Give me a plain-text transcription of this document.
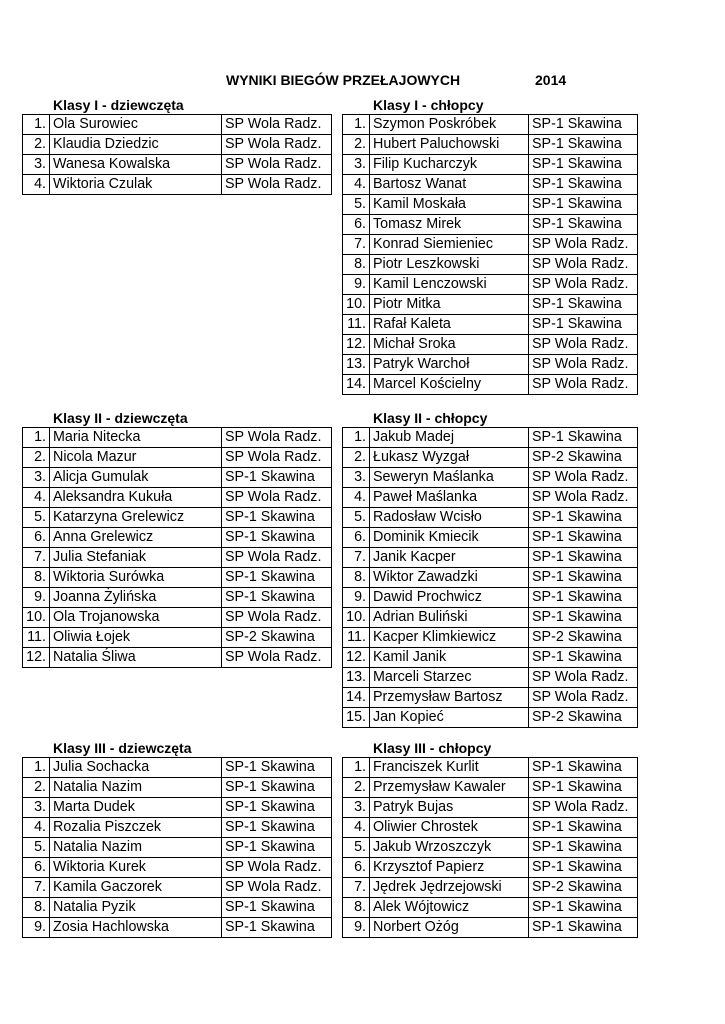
WYNIKI BIEGÓW PRZEŁAJOWYCH	2014
Klasy I - dziewczęta	Klasy I - chłopcy
1.	Ola Surowiec	SP Wola Radz.
2.	Klaudia Dziedzic	SP Wola Radz.
3.	Wanesa Kowalska	SP Wola Radz.
4.	Wiktoria Czulak	SP Wola Radz.
1.	Szymon Poskróbek	SP-1 Skawina
2.	Hubert Paluchowski	SP-1 Skawina
3.	Filip Kucharczyk	SP-1 Skawina
4.	Bartosz Wanat	SP-1 Skawina
5.	Kamil Moskała	SP-1 Skawina
6.	Tomasz Mirek	SP-1 Skawina
7.	Konrad Siemieniec	SP Wola Radz.
8.	Piotr Leszkowski	SP Wola Radz.
9.	Kamil Lenczowski	SP Wola Radz.
10.	Piotr Mitka	SP-1 Skawina
11.	Rafał Kaleta	SP-1 Skawina
12.	Michał Sroka	SP Wola Radz.
13.	Patryk Warchoł	SP Wola Radz.
14.	Marcel Kościelny	SP Wola Radz.
Klasy II - dziewczęta	Klasy II - chłopcy
1.	Maria Nitecka	SP Wola Radz.
2.	Nicola Mazur	SP Wola Radz.
3.	Alicja Gumulak	SP-1 Skawina
4.	Aleksandra Kukuła	SP Wola Radz.
5.	Katarzyna Grelewicz	SP-1 Skawina
6.	Anna Grelewicz	SP-1 Skawina
7.	Julia Stefaniak	SP Wola Radz.
8.	Wiktoria Surówka	SP-1 Skawina
9.	Joanna Żylińska	SP-1 Skawina
10.	Ola Trojanowska	SP Wola Radz.
11.	Oliwia Łojek	SP-2 Skawina
12.	Natalia Śliwa	SP Wola Radz.
1.	Jakub Madej	SP-1 Skawina
2.	Łukasz Wyzgał	SP-2 Skawina
3.	Seweryn Maślanka	SP Wola Radz.
4.	Paweł Maślanka	SP Wola Radz.
5.	Radosław Wcisło	SP-1 Skawina
6.	Dominik Kmiecik	SP-1 Skawina
7.	Janik Kacper	SP-1 Skawina
8.	Wiktor Zawadzki	SP-1 Skawina
9.	Dawid Prochwicz	SP-1 Skawina
10.	Adrian Buliński	SP-1 Skawina
11.	Kacper Klimkiewicz	SP-2 Skawina
12.	Kamil Janik	SP-1 Skawina
13.	Marceli Starzec	SP Wola Radz.
14.	Przemysław Bartosz	SP Wola Radz.
15.	Jan Kopieć	SP-2 Skawina
Klasy III - dziewczęta	Klasy III - chłopcy
1.	Julia Sochacka	SP-1 Skawina
2.	Natalia Nazim	SP-1 Skawina
3.	Marta Dudek	SP-1 Skawina
4.	Rozalia Piszczek	SP-1 Skawina
5.	Natalia Nazim	SP-1 Skawina
6.	Wiktoria Kurek	SP Wola Radz.
7.	Kamila Gaczorek	SP Wola Radz.
8.	Natalia Pyzik	SP-1 Skawina
9.	Zosia Hachlowska	SP-1 Skawina
1.	Franciszek Kurlit	SP-1 Skawina
2.	Przemysław Kawaler	SP-1 Skawina
3.	Patryk Bujas	SP Wola Radz.
4.	Oliwier Chrostek	SP-1 Skawina
5.	Jakub Wrzoszczyk	SP-1 Skawina
6.	Krzysztof Papierz	SP-1 Skawina
7.	Jędrek Jędrzejowski	SP-2 Skawina
8.	Alek Wójtowicz	SP-1 Skawina
9.	Norbert Ożóg	SP-1 Skawina
